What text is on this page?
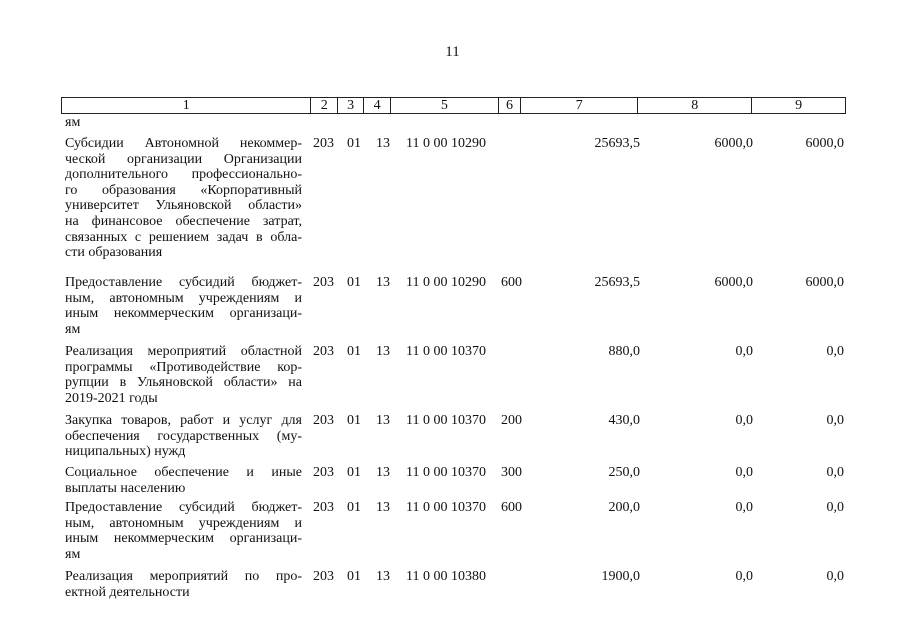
11
1	2	3	4	5	6	7	8	9
ям
Субсидии Автономной некоммер-
ческой организации Организации
дополнительного профессионально-
го образования «Корпоративный
университет Ульяновской области»
на финансовое обеспечение затрат,
связанных с решением задач в обла-
сти образования
203 01 13 11 0 00 10290	25693,5	6000,0	6000,0
Предоставление субсидий бюджет-
ным, автономным учреждениям и
иным некоммерческим организаци-
ям
203 01 13 11 0 00 10290 600	25693,5	6000,0	6000,0
Реализация мероприятий областной
программы «Противодействие кор-
рупции в Ульяновской области» на
2019-2021 годы
203 01 13 11 0 00 10370	880,0	0,0	0,0
Закупка товаров, работ и услуг для
обеспечения государственных (му-
ниципальных) нужд
203 01 13 11 0 00 10370 200	430,0	0,0	0,0
Социальное обеспечение и иные
выплаты населению
203 01 13 11 0 00 10370 300	250,0	0,0	0,0
Предоставление субсидий бюджет-
ным, автономным учреждениям и
иным некоммерческим организаци-
ям
203 01 13 11 0 00 10370 600	200,0	0,0	0,0
Реализация мероприятий по про-
ектной деятельности
203 01 13 11 0 00 10380	1900,0	0,0	0,0
